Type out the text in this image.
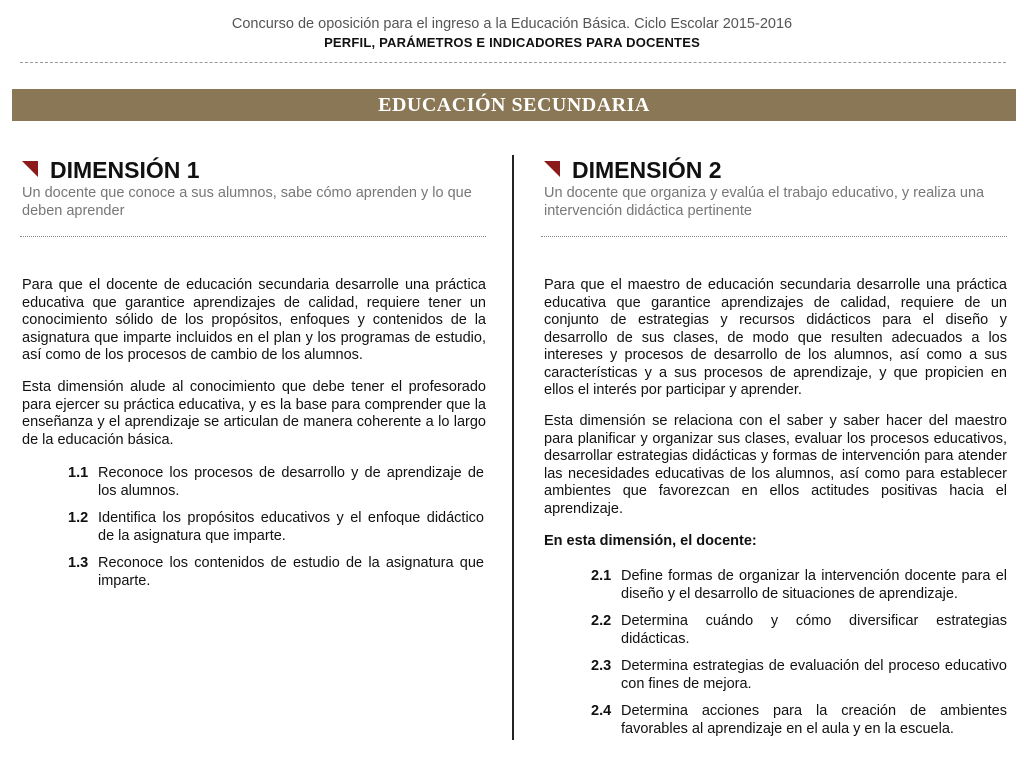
Concurso de oposición para el ingreso a la Educación Básica. Ciclo Escolar 2015-2016
PERFIL, PARÁMETROS E INDICADORES PARA DOCENTES
EDUCACIÓN SECUNDARIA
DIMENSIÓN 1
Un docente que conoce a sus alumnos, sabe cómo aprenden y lo que deben aprender

Para que el docente de educación secundaria desarrolle una práctica educativa que garantice aprendizajes de calidad, requiere tener un conocimiento sólido de los propósitos, enfoques y contenidos de la asignatura que imparte incluidos en el plan y los programas de estudio, así como de los procesos de cambio de los alumnos.

Esta dimensión alude al conocimiento que debe tener el profesorado para ejercer su práctica educativa, y es la base para comprender que la enseñanza y el aprendizaje se articulan de manera coherente a lo largo de la educación básica.

1.1 Reconoce los procesos de desarrollo y de aprendizaje de los alumnos.
1.2 Identifica los propósitos educativos y el enfoque didáctico de la asignatura que imparte.
1.3 Reconoce los contenidos de estudio de la asignatura que imparte.
DIMENSIÓN 2
Un docente que organiza y evalúa el trabajo educativo, y realiza una intervención didáctica pertinente

Para que el maestro de educación secundaria desarrolle una práctica educativa que garantice aprendizajes de calidad, requiere de un conjunto de estrategias y recursos didácticos para el diseño y desarrollo de sus clases, de modo que resulten adecuados a los intereses y procesos de desarrollo de los alumnos, así como a sus características y a sus procesos de aprendizaje, y que propicien en ellos el interés por participar y aprender.

Esta dimensión se relaciona con el saber y saber hacer del maestro para planificar y organizar sus clases, evaluar los procesos educativos, desarrollar estrategias didácticas y formas de intervención para atender las necesidades educativas de los alumnos, así como para establecer ambientes que favorezcan en ellos actitudes positivas hacia el aprendizaje.

En esta dimensión, el docente:
2.1 Define formas de organizar la intervención docente para el diseño y el desarrollo de situaciones de aprendizaje.
2.2 Determina cuándo y cómo diversificar estrategias didácticas.
2.3 Determina estrategias de evaluación del proceso educativo con fines de mejora.
2.4 Determina acciones para la creación de ambientes favorables al aprendizaje en el aula y en la escuela.
